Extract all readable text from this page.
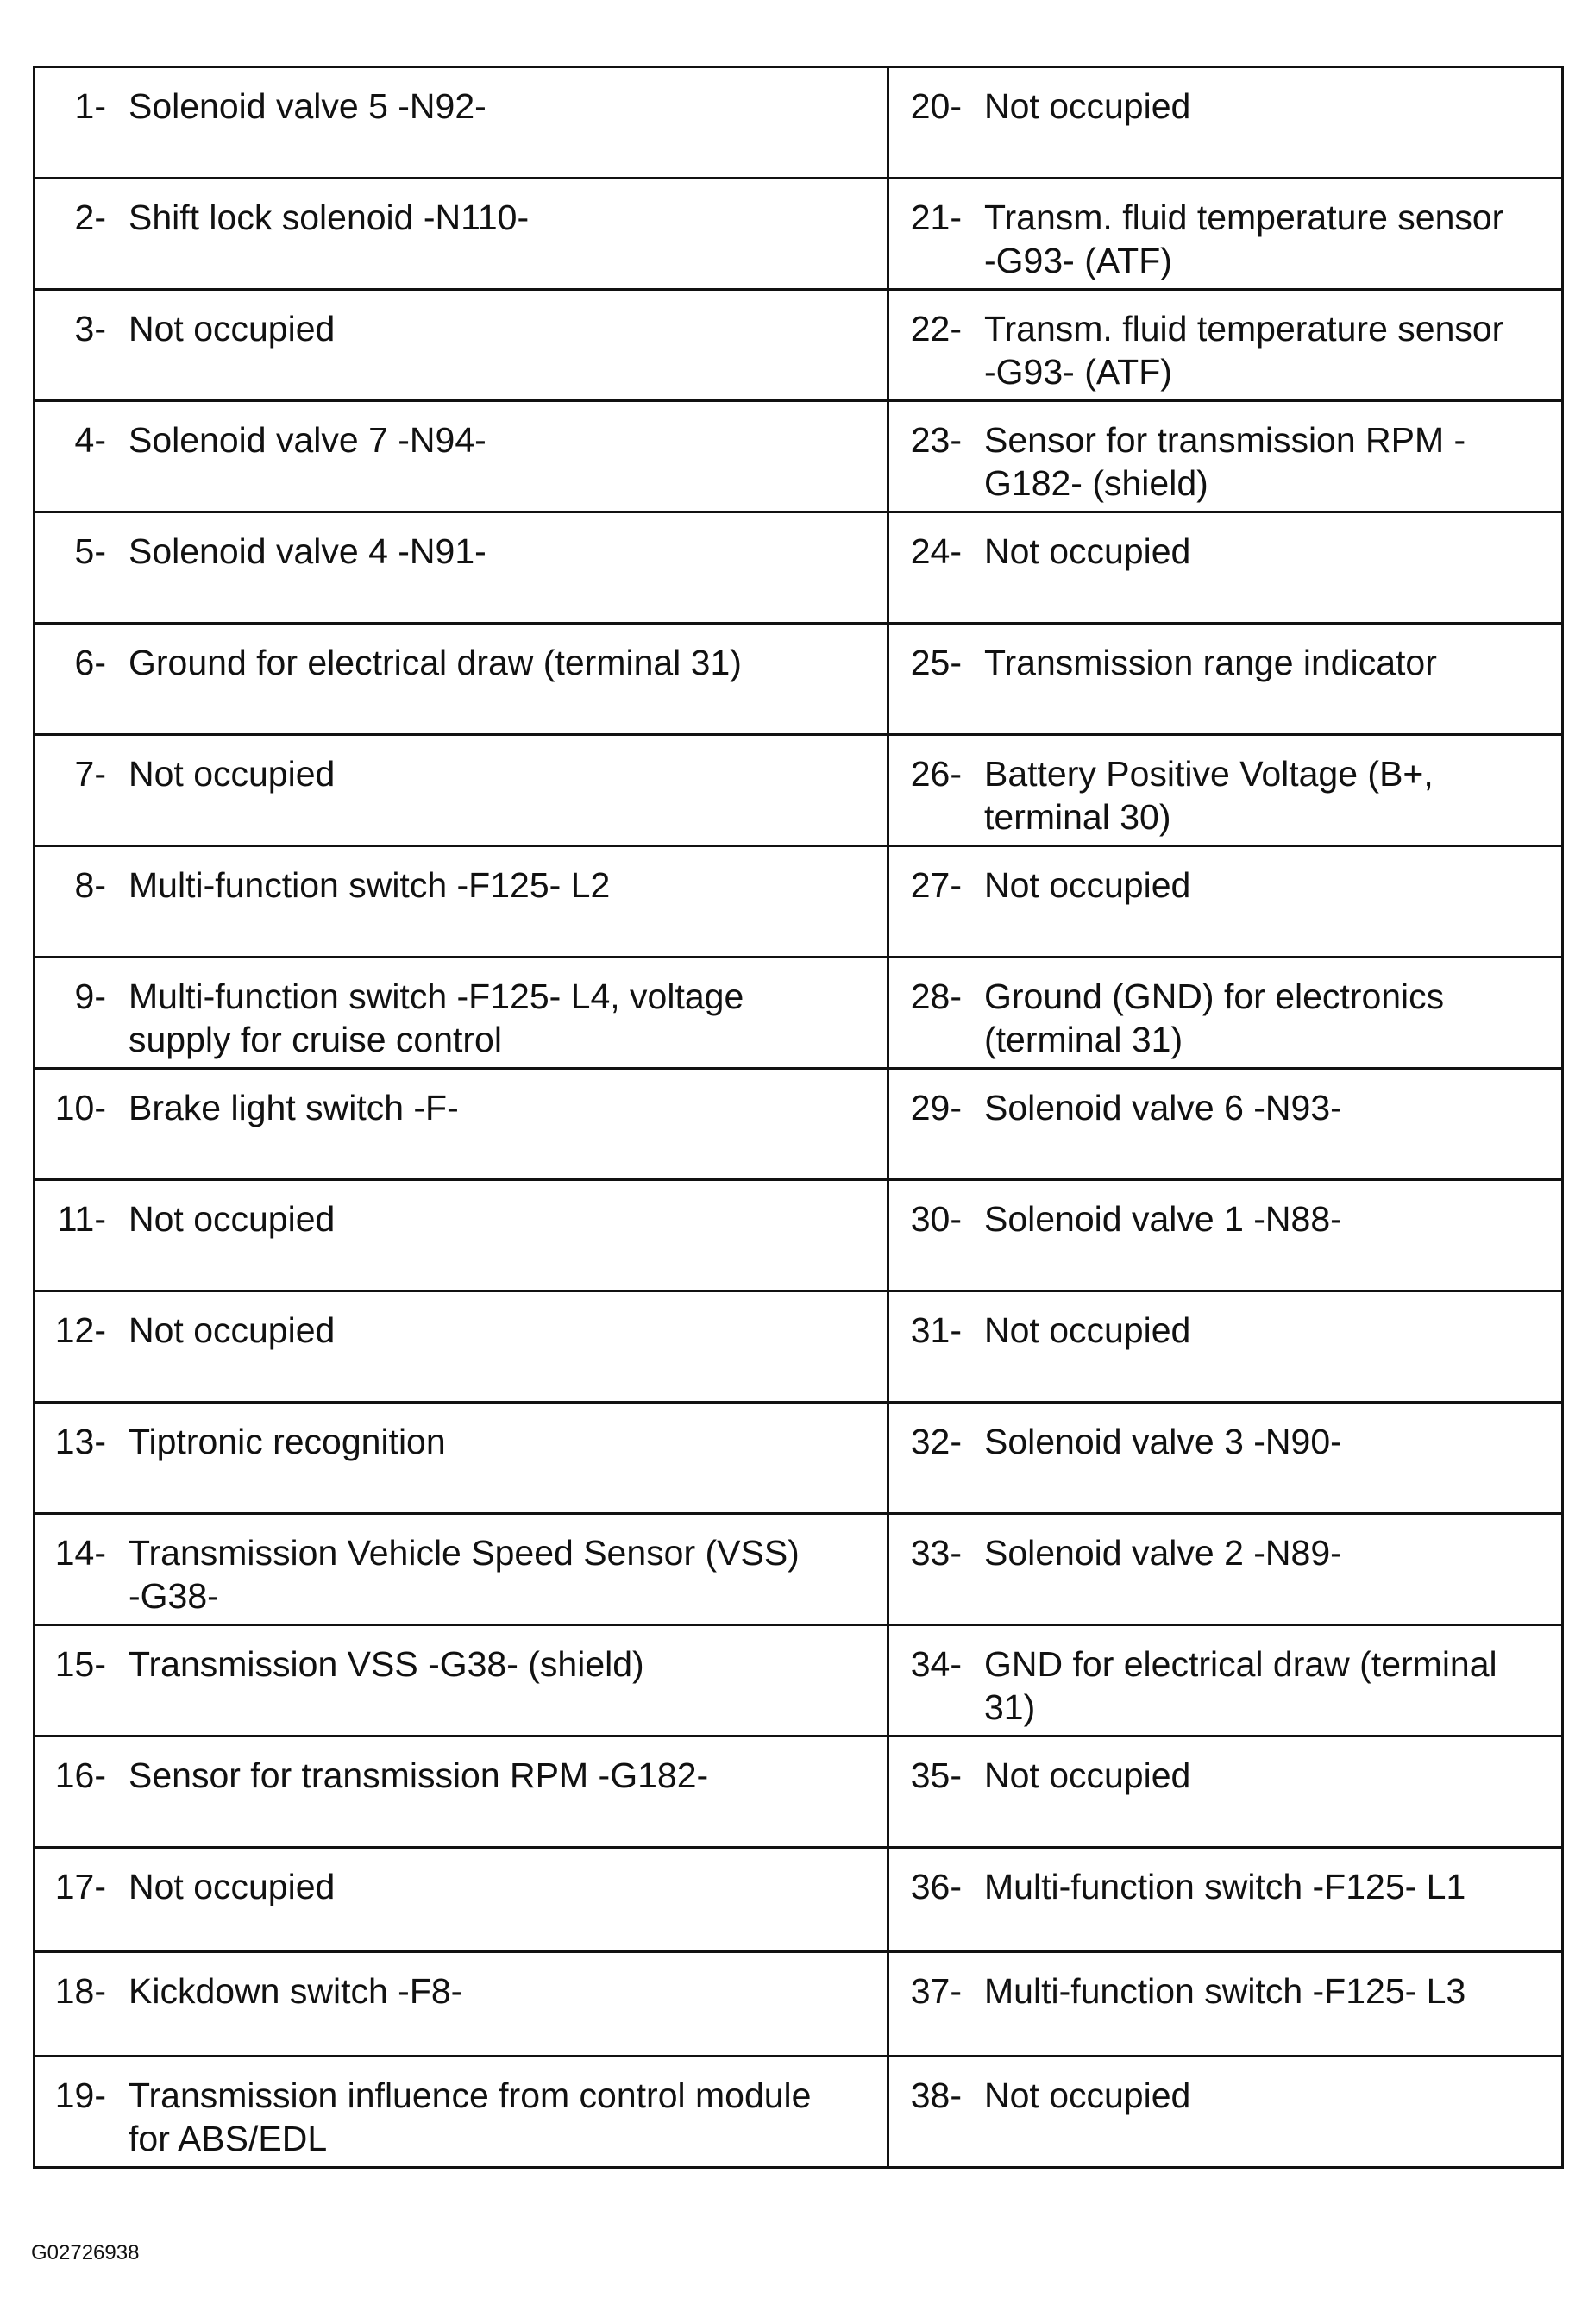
1- Solenoid valve 5 -N92-	20- Not occupied

2- Shift lock solenoid -N110-	21- Transm. fluid temperature sensor
-G93- (ATF)

3- Not occupied	22- Transm. fluid temperature sensor
-G93- (ATF)

4- Solenoid valve 7 -N94-	23- Sensor for transmission RPM -
G182- (shield)

5- Solenoid valve 4 -N91-	24- Not occupied

6- Ground for electrical draw (terminal 31)	25- Transmission range indicator

7- Not occupied	26- Battery Positive Voltage (B+,
terminal 30)

8- Multi-function switch -F125- L2	27- Not occupied

9- Multi-function switch -F125- L4, voltage
supply for cruise control	28- Ground (GND) for electronics
(terminal 31)

10- Brake light switch -F-	29- Solenoid valve 6 -N93-

11- Not occupied	30- Solenoid valve 1 -N88-

12- Not occupied	31- Not occupied

13- Tiptronic recognition	32- Solenoid valve 3 -N90-

14- Transmission Vehicle Speed Sensor (VSS)
-G38-	33- Solenoid valve 2 -N89-

15- Transmission VSS -G38- (shield)	34- GND for electrical draw (terminal
31)

16- Sensor for transmission RPM -G182-	35- Not occupied

17- Not occupied	36- Multi-function switch -F125- L1

18- Kickdown switch -F8-	37- Multi-function switch -F125- L3

19- Transmission influence from control module
for ABS/EDL	38- Not occupied
G02726938
